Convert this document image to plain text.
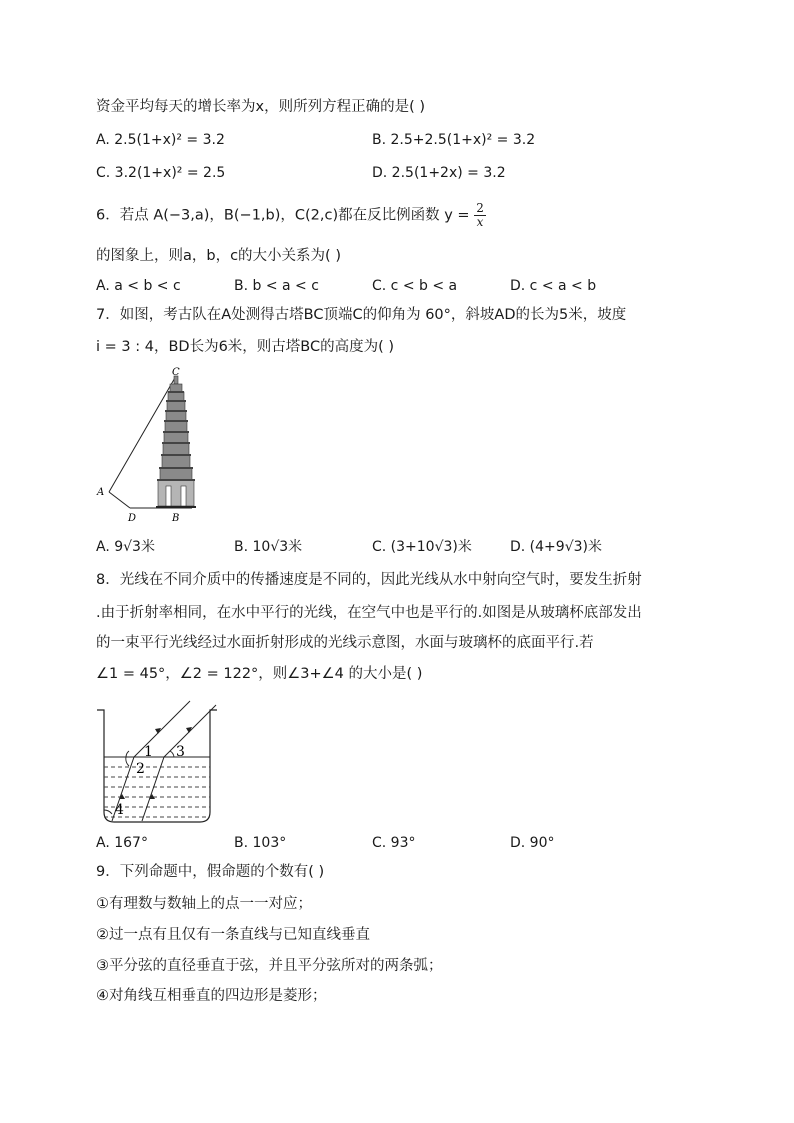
资金平均每天的增长率为x，则所列方程正确的是( )
A. 2.5(1+x)² = 3.2	B. 2.5+2.5(1+x)² = 3.2
C. 3.2(1+x)² = 2.5	D. 2.5(1+2x) = 3.2
6．若点 A(−3,a)，B(−1,b)，C(2,c)都在反比例函数 $y = \frac{2}{x}$
的图象上，则a，b，c的大小关系为( )
A. a < b < c	B. b < a < c	C. c < b < a	D. c < a < b
7．如图，考古队在A处测得古塔BC顶端C的仰角为 60°，斜坡AD的长为5米，坡度
i = 3 : 4，BD长为6米，则古塔BC的高度为( )
C
A
D	B
A. 9√3米	B. 10√3米	C. (3+10√3)米	D. (4+9√3)米
8．光线在不同介质中的传播速度是不同的，因此光线从水中射向空气时，要发生折射
.由于折射率相同，在水中平行的光线，在空气中也是平行的.如图是从玻璃杯底部发出
的一束平行光线经过水面折射形成的光线示意图，水面与玻璃杯的底面平行.若
∠1 = 45°，∠2 = 122°，则∠3+∠4 的大小是( )
1
2
3
4
A. 167°	B. 103°	C. 93°	D. 90°
9．下列命题中，假命题的个数有( )
①有理数与数轴上的点一一对应；
②过一点有且仅有一条直线与已知直线垂直
③平分弦的直径垂直于弦，并且平分弦所对的两条弧；
④对角线互相垂直的四边形是菱形；
